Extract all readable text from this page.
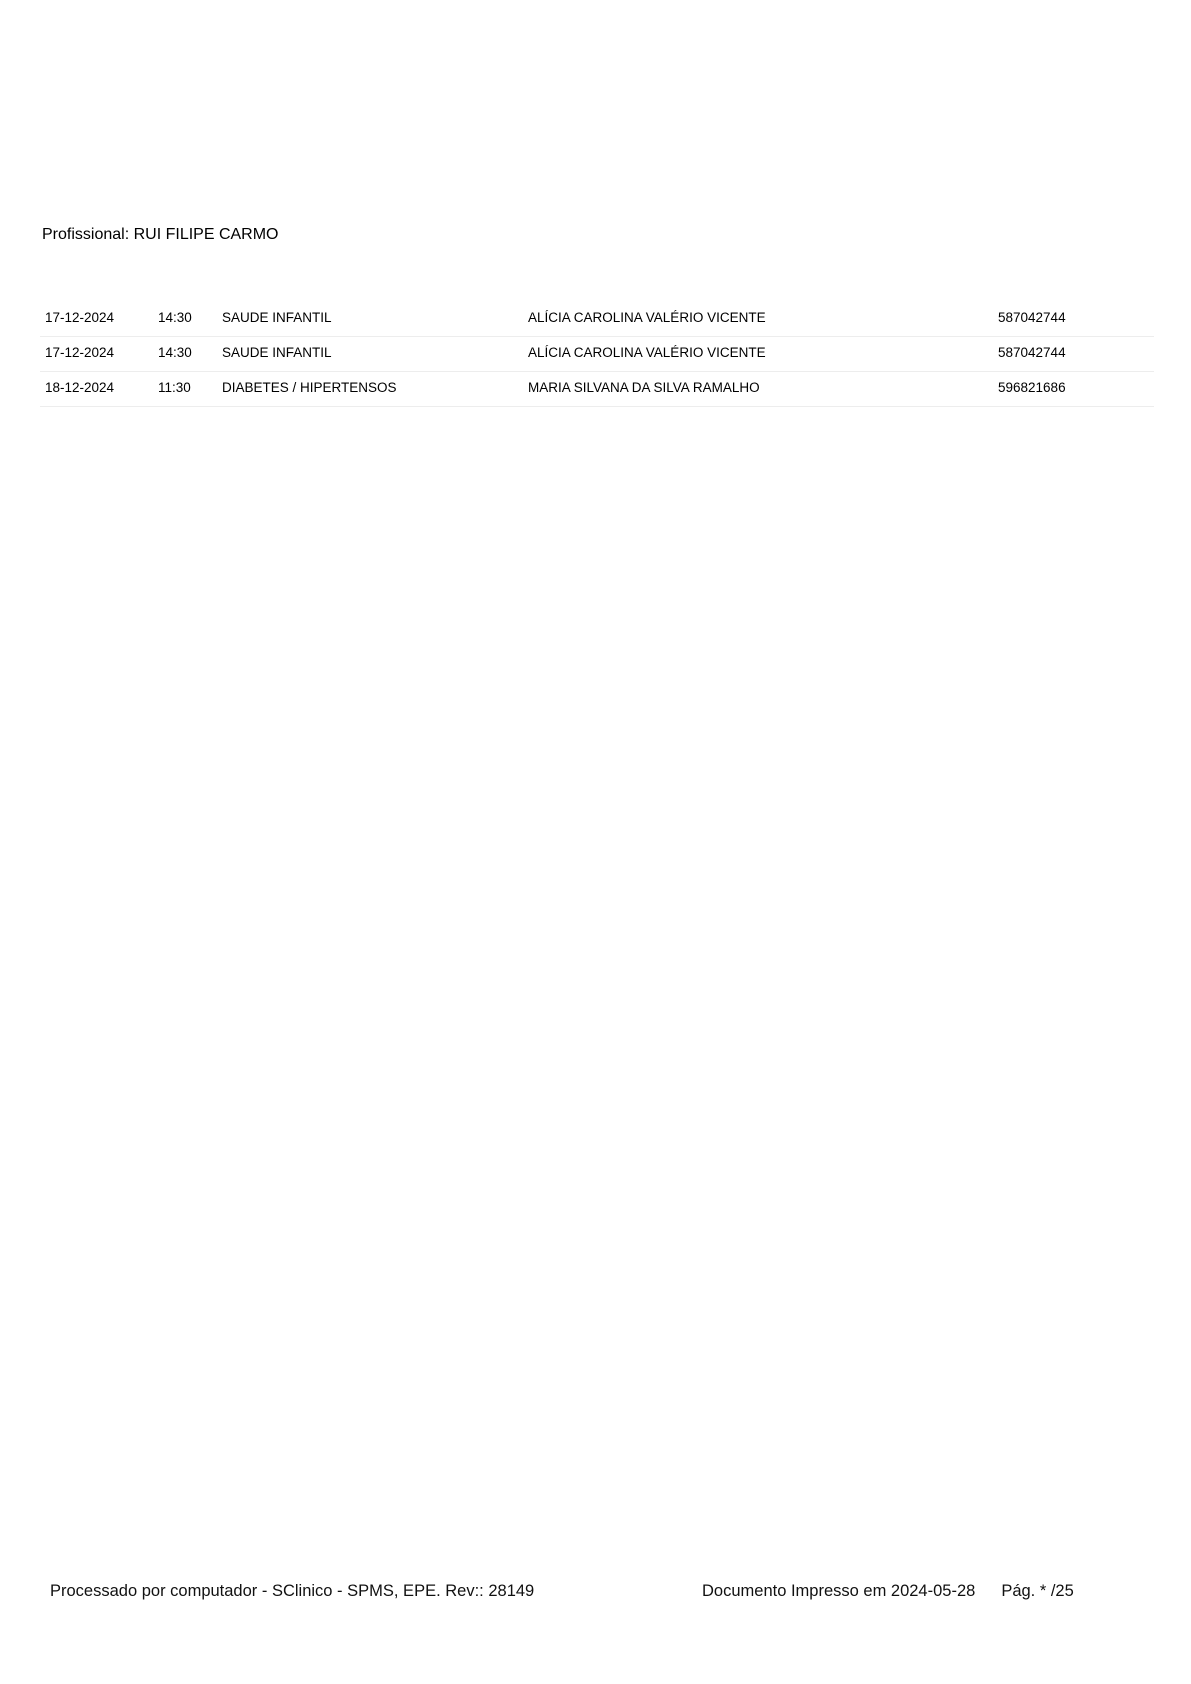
Profissional: RUI FILIPE CARMO
17-12-2024	14:30 SAUDE INFANTIL	ALÍCIA CAROLINA VALÉRIO VICENTE	587042744
17-12-2024	14:30 SAUDE INFANTIL	ALÍCIA CAROLINA VALÉRIO VICENTE	587042744
18-12-2024	11:30 DIABETES / HIPERTENSOS	MARIA SILVANA DA SILVA RAMALHO	596821686
Processado por computador - SClinico - SPMS, EPE. Rev:: 28149	Documento Impresso em 2024-05-28 Pág. * /25
